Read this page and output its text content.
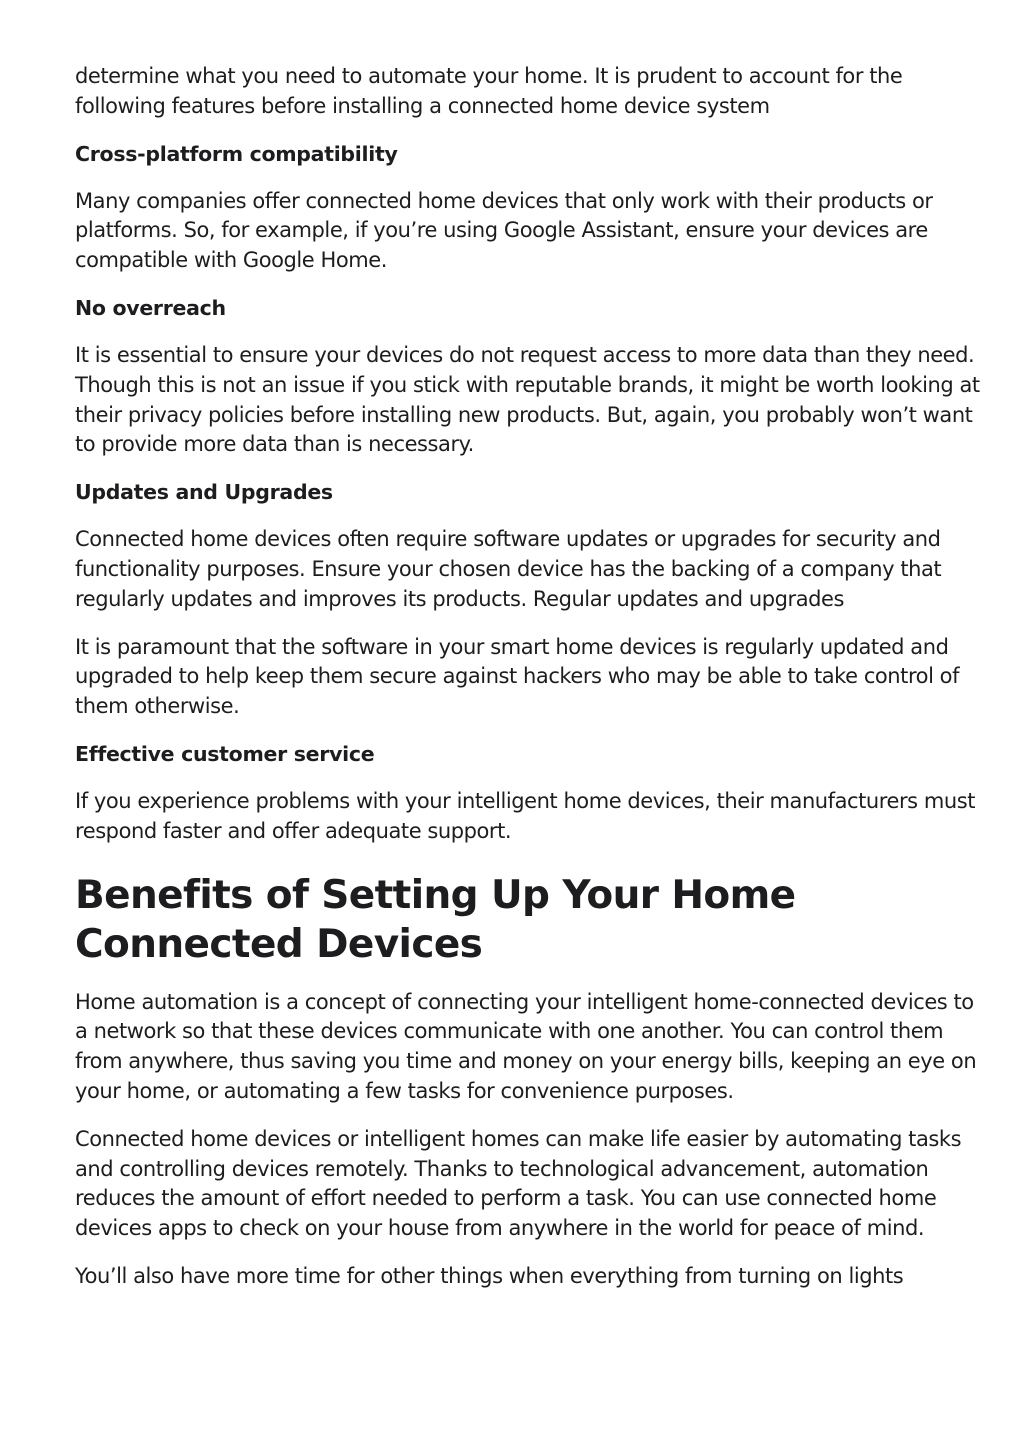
determine what you need to automate your home. It is prudent to account for the following features before installing a connected home device system

Cross-platform compatibility

Many companies offer connected home devices that only work with their products or platforms. So, for example, if you’re using Google Assistant, ensure your devices are compatible with Google Home.

No overreach

It is essential to ensure your devices do not request access to more data than they need. Though this is not an issue if you stick with reputable brands, it might be worth looking at their privacy policies before installing new products. But, again, you probably won’t want to provide more data than is necessary.

Updates and Upgrades

Connected home devices often require software updates or upgrades for security and functionality purposes. Ensure your chosen device has the backing of a company that regularly updates and improves its products. Regular updates and upgrades

It is paramount that the software in your smart home devices is regularly updated and upgraded to help keep them secure against hackers who may be able to take control of them otherwise.

Effective customer service

If you experience problems with your intelligent home devices, their manufacturers must respond faster and offer adequate support.

Benefits of Setting Up Your Home Connected Devices

Home automation is a concept of connecting your intelligent home-connected devices to a network so that these devices communicate with one another. You can control them from anywhere, thus saving you time and money on your energy bills, keeping an eye on your home, or automating a few tasks for convenience purposes.

Connected home devices or intelligent homes can make life easier by automating tasks and controlling devices remotely. Thanks to technological advancement, automation reduces the amount of effort needed to perform a task. You can use connected home devices apps to check on your house from anywhere in the world for peace of mind.

You’ll also have more time for other things when everything from turning on lights
